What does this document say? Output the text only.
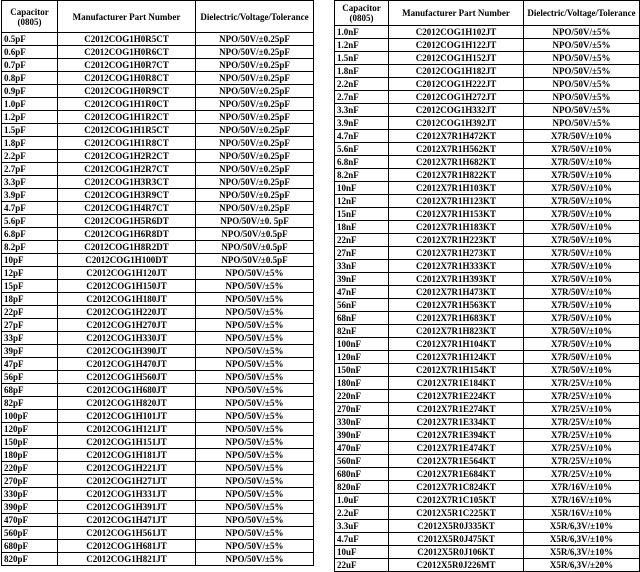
Capacitor
(0805)	Manufacturer Part Number	Dielectric/Voltage/Tolerance
0.5pF	C2012COG1H0R5CT	NPO/50V/±0.25pF
0.6pF	C2012COG1H0R6CT	NPO/50V/±0.25pF
0.7pF	C2012COG1H0R7CT	NPO/50V/±0.25pF
0.8pF	C2012COG1H0R8CT	NPO/50V/±0.25pF
0.9pF	C2012COG1H0R9CT	NPO/50V/±0.25pF
1.0pF	C2012COG1H1R0CT	NPO/50V/±0.25pF
1.2pF	C2012COG1H1R2CT	NPO/50V/±0.25pF
1.5pF	C2012COG1H1R5CT	NPO/50V/±0.25pF
1.8pF	C2012COG1H1R8CT	NPO/50V/±0.25pF
2.2pF	C2012COG1H2R2CT	NPO/50V/±0.25pF
2.7pF	C2012COG1H2R7CT	NPO/50V/±0.25pF
3.3pF	C2012COG1H3R3CT	NPO/50V/±0.25pF
3.9pF	C2012COG1H3R9CT	NPO/50V/±0.25pF
4.7pF	C2012COG1H4R7CT	NPO/50V/±0.25pF
5.6pF	C2012COG1H5R6DT	NPO/50V/±0. 5pF
6.8pF	C2012COG1H6R8DT	NPO/50V/±0.5pF
8.2pF	C2012COG1H8R2DT	NPO/50V/±0.5pF
10pF	C2012COG1H100DT	NPO/50V/±0.5pF
12pF	C2012COG1H120JT	NPO/50V/±5%
15pF	C2012COG1H150JT	NPO/50V/±5%
18pF	C2012COG1H180JT	NPO/50V/±5%
22pF	C2012COG1H220JT	NPO/50V/±5%
27pF	C2012COG1H270JT	NPO/50V/±5%
33pF	C2012COG1H330JT	NPO/50V/±5%
39pF	C2012COG1H390JT	NPO/50V/±5%
47pF	C2012COG1H470JT	NPO/50V/±5%
56pF	C2012COG1H560JT	NPO/50V/±5%
68pF	C2012COG1H680JT	NPO/50V/±5%
82pF	C2012COG1H820JT	NPO/50V/±5%
100pF	C2012COG1H101JT	NPO/50V/±5%
120pF	C2012COG1H121JT	NPO/50V/±5%
150pF	C2012COG1H151JT	NPO/50V/±5%
180pF	C2012COG1H181JT	NPO/50V/±5%
220pF	C2012COG1H221JT	NPO/50V/±5%
270pF	C2012COG1H271JT	NPO/50V/±5%
330pF	C2012COG1H331JT	NPO/50V/±5%
390pF	C2012COG1H391JT	NPO/50V/±5%
470pF	C2012COG1H471JT	NPO/50V/±5%
560pF	C2012COG1H561JT	NPO/50V/±5%
680pF	C2012COG1H681JT	NPO/50V/±5%
820pF	C2012COG1H821JT	NPO/50V/±5%
Capacitor
(0805)	Manufacturer Part Number	Dielectric/Voltage/Tolerance
1.0nF	C2012COG1H102JT	NPO/50V/±5%
1.2nF	C2012COG1H122JT	NPO/50V/±5%
1.5nF	C2012COG1H152JT	NPO/50V/±5%
1.8nF	C2012COG1H182JT	NPO/50V/±5%
2.2nF	C2012COG1H222JT	NPO/50V/±5%
2.7nF	C2012COG1H272JT	NPO/50V/±5%
3.3nF	C2012COG1H332JT	NPO/50V/±5%
3.9nF	C2012COG1H392JT	NPO/50V/±5%
4.7nF	C2012X7R1H472KT	X7R/50V/±10%
5.6nF	C2012X7R1H562KT	X7R/50V/±10%
6.8nF	C2012X7R1H682KT	X7R/50V/±10%
8.2nF	C2012X7R1H822KT	X7R/50V/±10%
10nF	C2012X7R1H103KT	X7R/50V/±10%
12nF	C2012X7R1H123KT	X7R/50V/±10%
15nF	C2012X7R1H153KT	X7R/50V/±10%
18nF	C2012X7R1H183KT	X7R/50V/±10%
22nF	C2012X7R1H223KT	X7R/50V/±10%
27nF	C2012X7R1H273KT	X7R/50V/±10%
33nF	C2012X7R1H333KT	X7R/50V/±10%
39nF	C2012X7R1H393KT	X7R/50V/±10%
47nF	C2012X7R1H473KT	X7R/50V/±10%
56nF	C2012X7R1H563KT	X7R/50V/±10%
68nF	C2012X7R1H683KT	X7R/50V/±10%
82nF	C2012X7R1H823KT	X7R/50V/±10%
100nF	C2012X7R1H104KT	X7R/50V/±10%
120nF	C2012X7R1H124KT	X7R/50V/±10%
150nF	C2012X7R1H154KT	X7R/50V/±10%
180nF	C2012X7R1E184KT	X7R/25V/±10%
220nF	C2012X7R1E224KT	X7R/25V/±10%
270nF	C2012X7R1E274KT	X7R/25V/±10%
330nF	C2012X7R1E334KT	X7R/25V/±10%
390nF	C2012X7R1E394KT	X7R/25V/±10%
470nF	C2012X7R1E474KT	X7R/25V/±10%
560nF	C2012X7R1E564KT	X7R/25V/±10%
680nF	C2012X7R1E684KT	X7R/25V/±10%
820nF	C2012X7R1C824KT	X7R/16V/±10%
1.0uF	C2012X7R1C105KT	X7R/16V/±10%
2.2uF	C2012X5R1C225KT	X5R/16V/±10%
3.3uF	C2012X5R0J335KT	X5R/6,3V/±10%
4.7uF	C2012X5R0J475KT	X5R/6,3V/±10%
10uF	C2012X5R0J106KT	X5R/6,3V/±10%
22uF	C2012X5R0J226MT	X5R/6,3V/±20%
